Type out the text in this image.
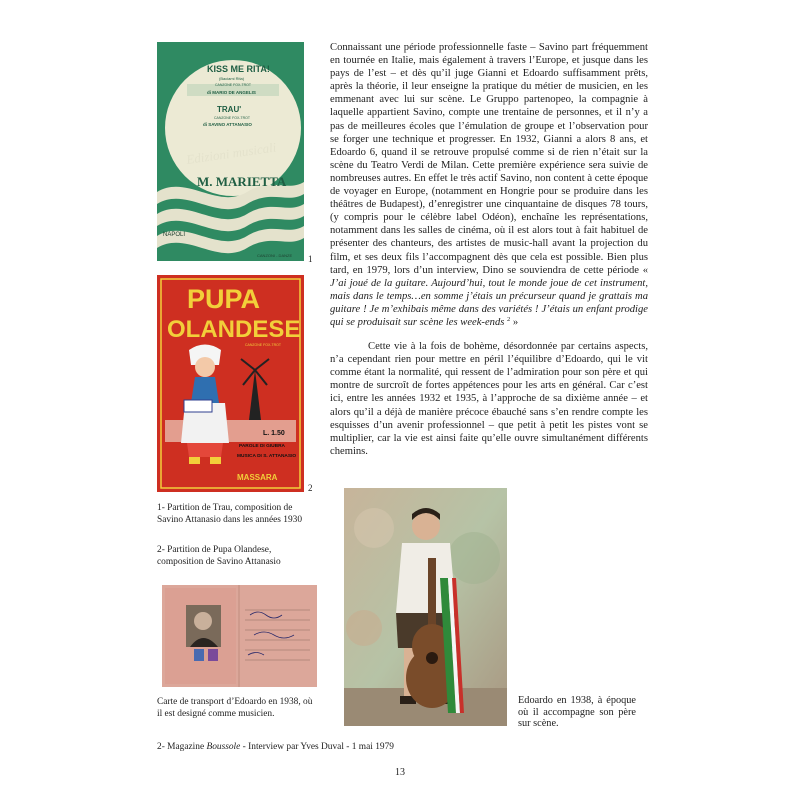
KISS ME RITA!
(Baciami Rita)
CANZONE FOX-TROT
di MARIO DE ANGELIS
TRAU'
CANZONE FOX-TROT
di SAVINO ATTANASIO
Edizioni musicali
M. MARIETTA
NAPOLI
CANZONI - DANZE 1
PUPA
OLANDESE
CANZONE FOX-TROT
L. 1.50
PAROLE DI GIUBRA
MUSICA DI S. ATTANASIO
MASSARA
2
1- Partition de Trau, composition de Savino Attanasio dans les années 1930
2- Partition de Pupa Olandese, composition de Savino Attanasio
Carte de transport d’Edoardo en 1938, où il est designé comme musicien.

Connaissant une période professionnelle faste – Savino part fréquemment en tournée en Italie, mais également à travers l’Europe, et jusque dans les pays de l’est – et dès qu’il juge Gianni et Edoardo suffisamment prêts, après la théorie, il leur enseigne la pratique du métier de musicien, en les emmenant avec lui sur scène. Le Gruppo partenopeo, la compagnie à laquelle appartient Savino, compte une trentaine de personnes, et il n’y a pas de meilleures écoles que l’émulation de groupe et l’observation pour se forger une technique et progresser. En 1932, Gianni a alors 8 ans, et Edoardo 6, quand il se retrouve propulsé comme si de rien n’était sur la scène du Teatro Verdi de Milan. Cette première expérience sera suivie de nombreuses autres. En effet le très actif Savino, non content à cette époque de voyager en Europe, (notamment en Hongrie pour se produire dans les théâtres de Budapest), d’enregistrer une cinquantaine de disques 78 tours, (y compris pour le célèbre label Odéon), enchaîne les représentations, notamment dans les salles de cinéma, où il est alors tout à fait habituel de présenter des chanteurs, des artistes de music-hall avant la projection du film, et ses deux fils l’accompagnent dès que cela est possible. Bien plus tard, en 1979, lors d’un interview, Dino se souviendra de cette période « J’ai joué de la guitare. Aujourd’hui, tout le monde joue de cet instrument, mais dans le temps…en somme j’étais un précurseur quand je grattais ma guitare ! Je m’exhibais même dans des variétés ! J’étais un enfant prodige qui se produisait sur scène les week-ends $^2$ »

Cette vie à la fois de bohème, désordonnée par certains aspects, n’a cependant rien pour mettre en péril l’équilibre d’Edoardo, qui le vit comme étant la normalité, qui ressent de l’admiration pour son père et qui montre de surcroît de fortes appétences pour les arts en général. Car c’est ici, entre les années 1932 et 1935, à l’approche de sa dixième année – et alors qu’il a déjà de manière précoce ébauché sans s’en rendre compte les esquisses d’un avenir professionnel – que petit à petit les pistes vont se multiplier, car la vie est ainsi faite qu’elle ouvre simultanément différents chemins.

Edoardo en 1938, à époque où il accompagne son père sur scène.
2- Magazine Boussole - Interview par Yves Duval - 1 mai 1979
13
